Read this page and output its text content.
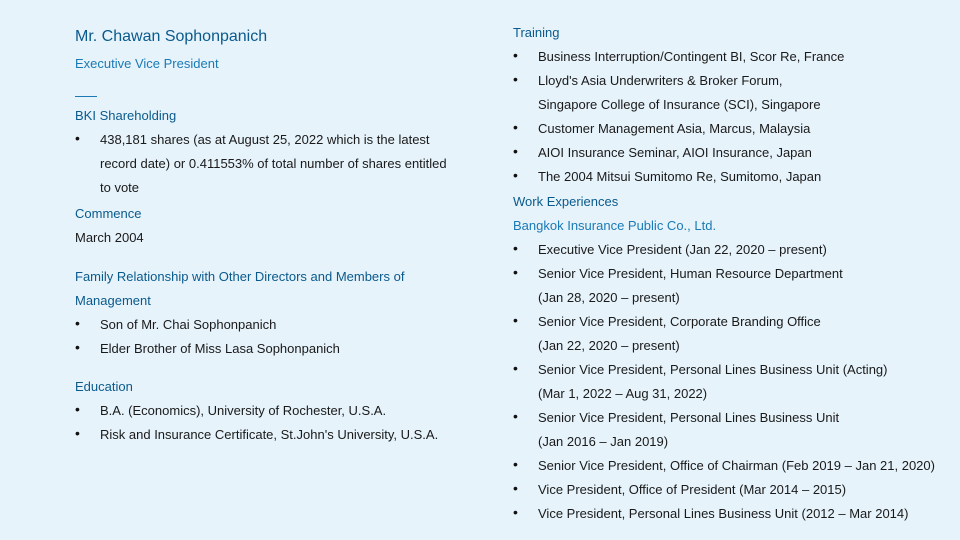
Mr. Chawan Sophonpanich
Executive Vice President
BKI Shareholding
• 438,181 shares (as at August 25, 2022 which is the latest
record date) or 0.411553% of total number of shares entitled
to vote
Commence
March 2004
Family Relationship with Other Directors and Members of
Management
• Son of Mr. Chai Sophonpanich
• Elder Brother of Miss Lasa Sophonpanich
Education
• B.A. (Economics), University of Rochester, U.S.A.
• Risk and Insurance Certificate, St.John's University, U.S.A.
Training
• Business Interruption/Contingent BI, Scor Re, France
• Lloyd's Asia Underwriters & Broker Forum,
Singapore College of Insurance (SCI), Singapore
• Customer Management Asia, Marcus, Malaysia
• AIOI Insurance Seminar, AIOI Insurance, Japan
• The 2004 Mitsui Sumitomo Re, Sumitomo, Japan
Work Experiences
Bangkok Insurance Public Co., Ltd.
• Executive Vice President (Jan 22, 2020 – present)
• Senior Vice President, Human Resource Department
(Jan 28, 2020 – present)
• Senior Vice President, Corporate Branding Office
(Jan 22, 2020 – present)
• Senior Vice President, Personal Lines Business Unit (Acting)
(Mar 1, 2022 – Aug 31, 2022)
• Senior Vice President, Personal Lines Business Unit
(Jan 2016 – Jan 2019)
• Senior Vice President, Office of Chairman (Feb 2019 – Jan 21, 2020)
• Vice President, Office of President (Mar 2014 – 2015)
• Vice President, Personal Lines Business Unit (2012 – Mar 2014)
